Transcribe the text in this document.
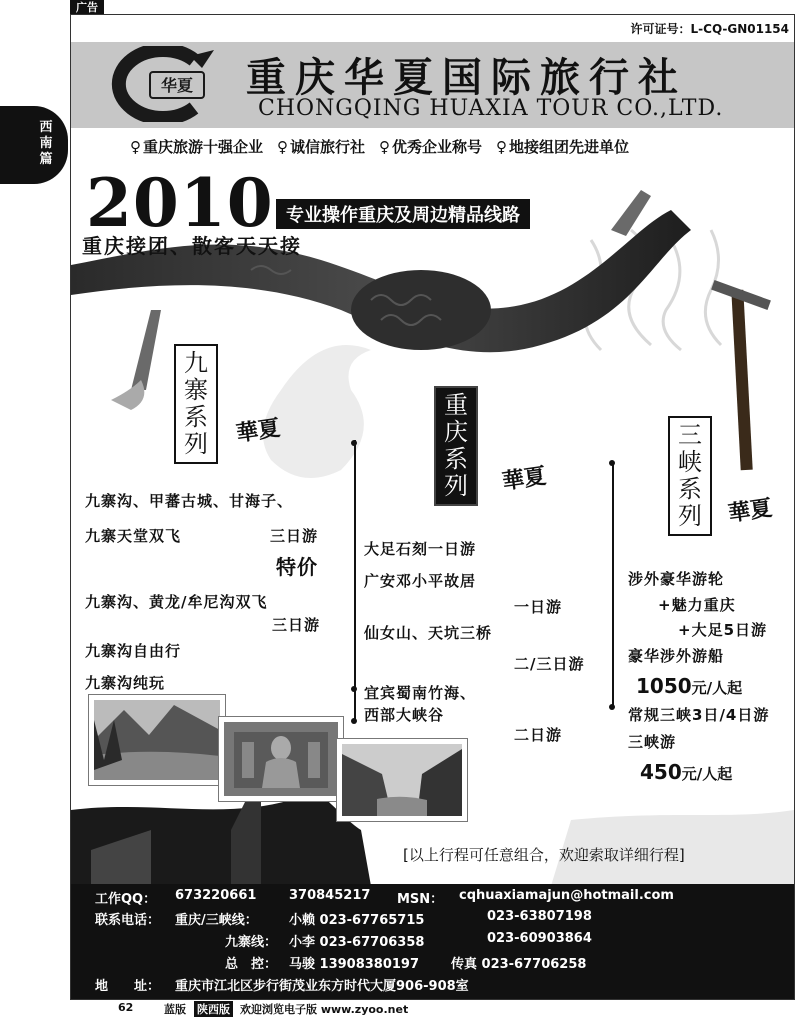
广告
许可证号：L-CQ-GN01154
西
南
篇
华夏 重庆华夏国际旅行社
CHONGQING HUAXIA TOUR CO.,LTD.
♀ 重庆旅游十强企业 ♀ 诚信旅行社 ♀ 优秀企业称号 ♀ 地接组团先进单位
2010 专业操作重庆及周边精品线路
重庆接团、散客天天接
九
寨
系
列 華夏
九寨沟、甲蕃古城、甘海子、
九寨天堂双飞	三日游
特价
九寨沟、黄龙/牟尼沟双飞
三日游
九寨沟自由行
九寨沟纯玩
重
庆
系
列 華夏
大足石刻一日游
广安邓小平故居
一日游
仙女山、天坑三桥
二/三日游
宜宾蜀南竹海、
西部大峡谷
二日游
三
峡
系
列 華夏
涉外豪华游轮
+魅力重庆
+大足5日游
豪华涉外游船
1050元/人起
常规三峡3日/4日游
三峡游
450元/人起
[以上行程可任意组合，欢迎索取详细行程]
工作QQ： 673220661	370845217 MSN： cqhuaxiamajun@hotmail.com
联系电话： 重庆/三峡线： 小赖 023-67765715	023-63807198
九寨线： 小李 023-67706358	023-60903864
总　控： 马骏 13908380197 传真 023-67706258
地　　址： 重庆市江北区步行街茂业东方时代大厦906-908室
62	蓝版 陕西版 欢迎浏览电子版 www.zyoo.net
